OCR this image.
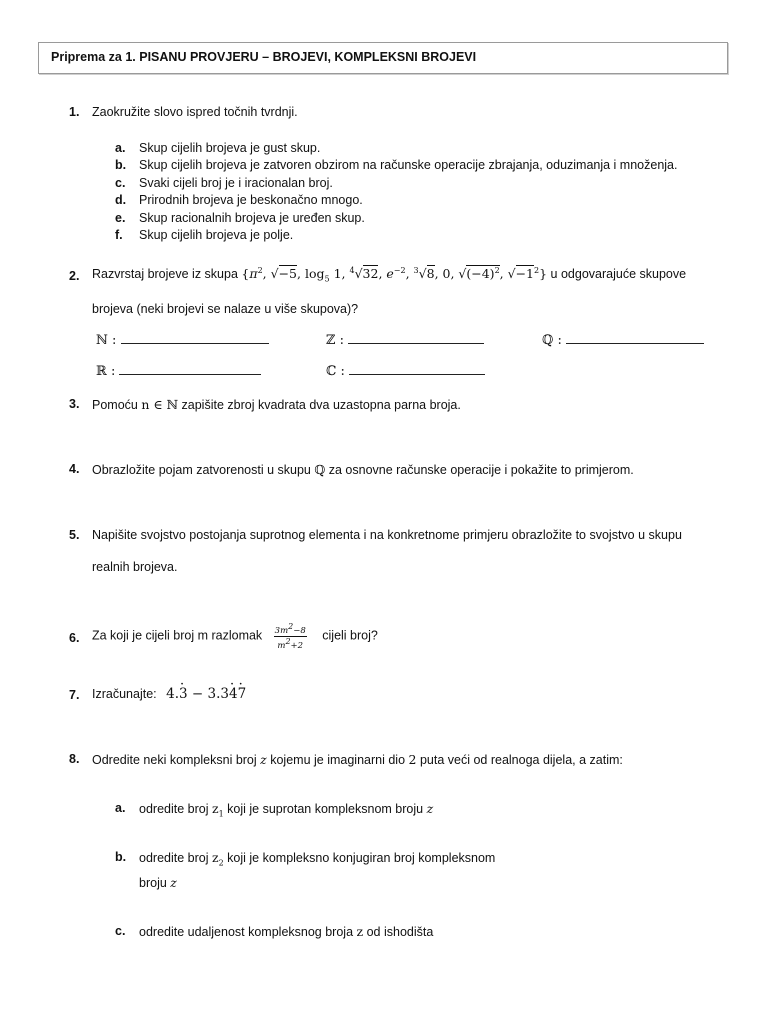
Priprema za 1. PISANU PROVJERU – BROJEVI, KOMPLEKSNI BROJEVI
1. Zaokružite slovo ispred točnih tvrdnji.
a. Skup cijelih brojeva je gust skup.
b. Skup cijelih brojeva je zatvoren obzirom na računske operacije zbrajanja, oduzimanja i množenja.
c. Svaki cijeli broj je i iracionalan broj.
d. Prirodnih brojeva je beskonačno mnogo.
e. Skup racionalnih brojeva je uređen skup.
f. Skup cijelih brojeva je polje.
2. Razvrstaj brojeve iz skupa {$\pi^2$, √−5, $\log_5 1$, $^4$√32, $e^{-2}$, $^3$√8, 0, $√(-4)^2$, $√-1^2$} u odgovarajuće skupove
brojeva (neki brojevi se nalaze u više skupova)?
ℕ :	ℤ :	ℚ :
ℝ :	ℂ :
3. Pomoću n ∈ ℕ zapišite zbroj kvadrata dva uzastopna parna broja.
4. Obrazložite pojam zatvorenosti u skupu ℚ za osnovne računske operacije i pokažite to primjerom.
5. Napišite svojstvo postojanja suprotnog elementa i na konkretnome primjeru obrazložite to svojstvo u skupu
realnih brojeva.
6. Za koji je cijeli broj m razlomak $\frac{3m^2-8}{m^2+2}$ cijeli broj?
7. Izračunajte: 4.· 3 − 3.3· 4· 7
8. Odredite neki kompleksni broj z kojemu je imaginarni dio 2 puta veći od realnoga dijela, a zatim:
a. odredite broj $z_1$ koji je suprotan kompleksnom broju z
b. odredite broj $z_2$ koji je kompleksno konjugiran broj kompleksnom
broju z
c. odredite udaljenost kompleksnog broja z od ishodišta
